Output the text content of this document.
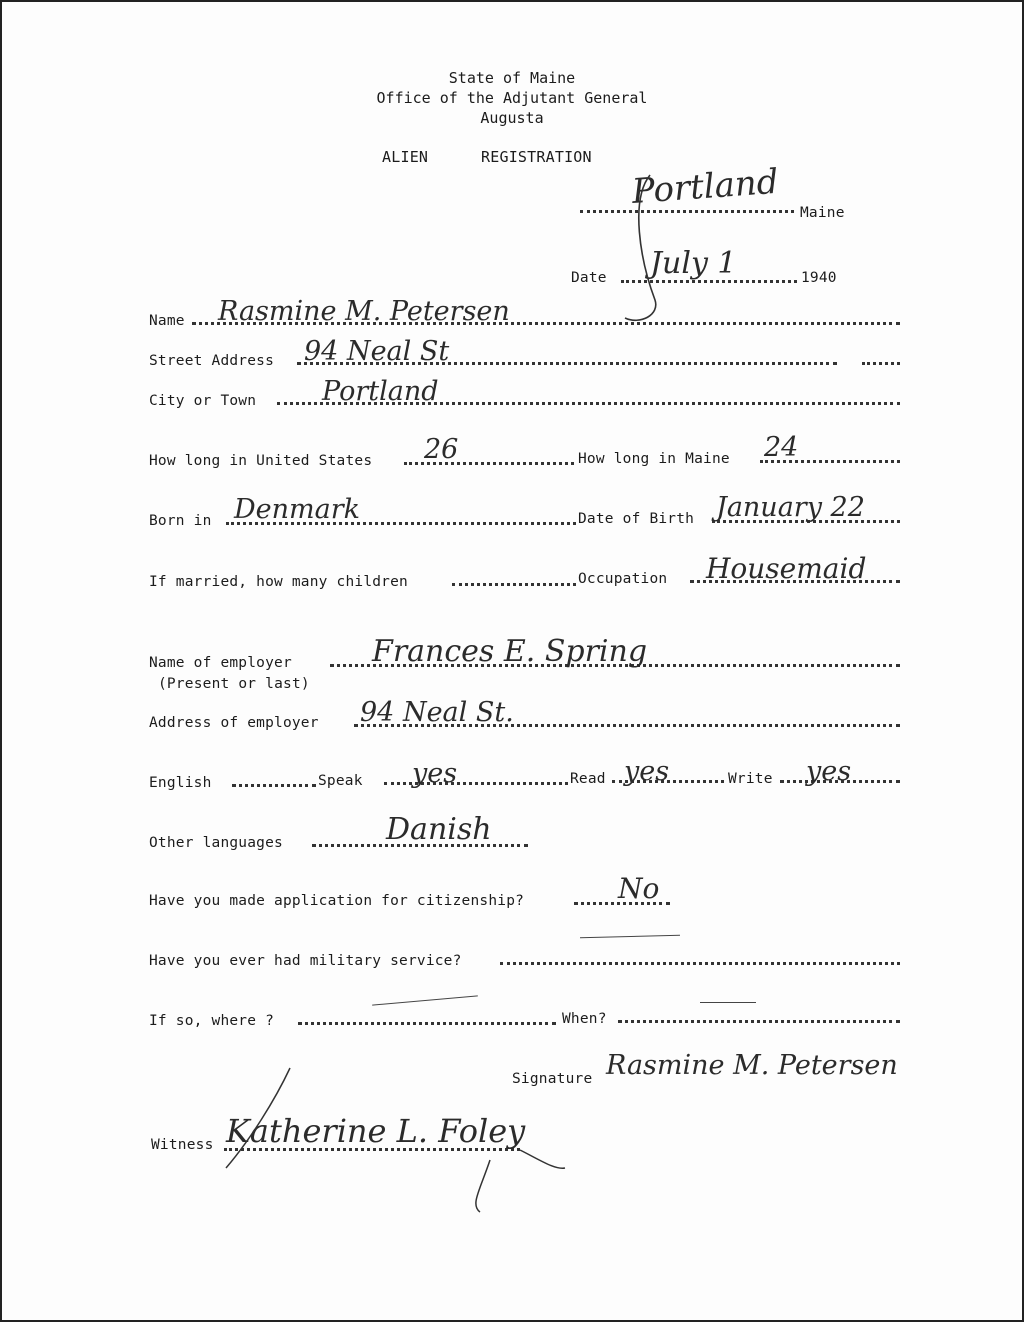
State of Maine
Office of the Adjutant General
Augusta
ALIEN	REGISTRATION
Portland
Maine
Date July 1	1940
Name Rasmine M. Petersen
Street Address 94 Neal St
City or Town Portland
How long in United States 26	How long in Maine 24
Born in Denmark	Date of Birth January 22
If married, how many children	Occupation Housemaid
Name of employer
(Present or last)
Frances E. Spring
Address of employer 94 Neal St.
English	Speak yes	Read yes	Write yes
Other languages	Danish
Have you made application for citizenship?	No
Have you ever had military service?
If so, where ?	When?
Signature Rasmine M. Petersen
Witness Katherine L. Foley
